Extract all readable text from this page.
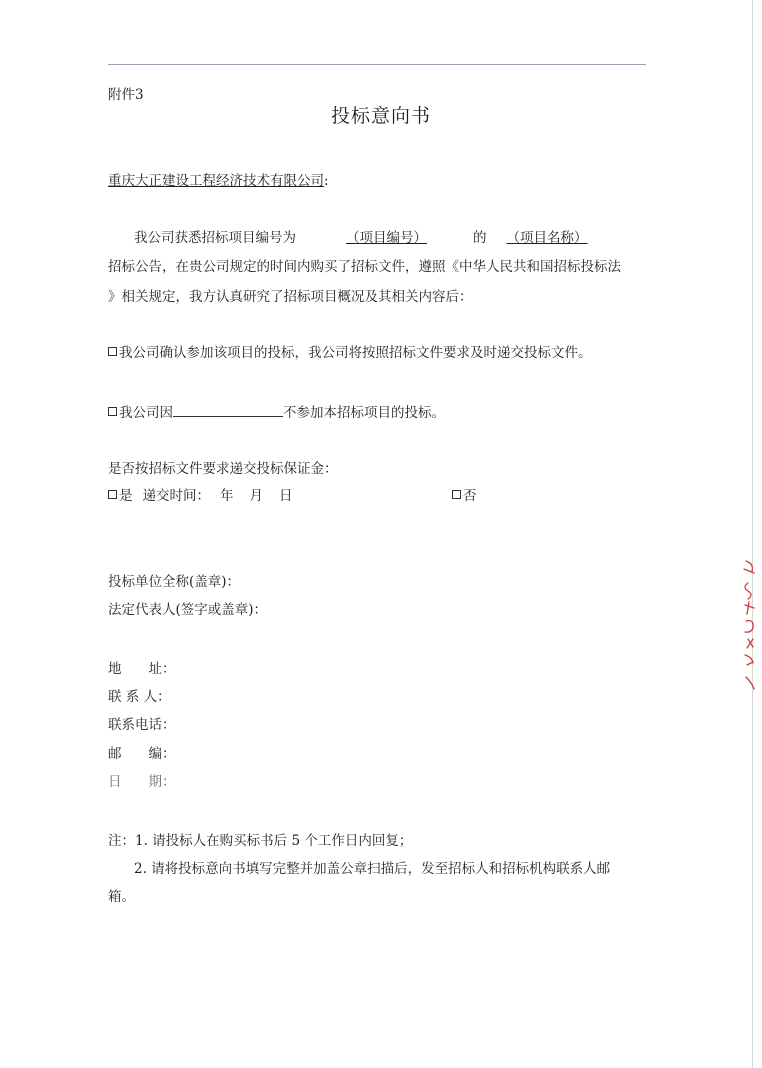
附件3
投标意向书
重庆大正建设工程经济技术有限公司:
我公司获悉招标项目编号为	（项目编号）	的 （项目名称）
招标公告，在贵公司规定的时间内购买了招标文件，遵照《中华人民共和国招标投标法
》相关规定，我方认真研究了招标项目概况及其相关内容后：
我公司确认参加该项目的投标，我公司将按照招标文件要求及时递交投标文件。
我公司因	不参加本招标项目的投标。
是否按招标文件要求递交投标保证金：
是 递交时间： 年 月 日	否
投标单位全称(盖章)：
法定代表人(签字或盖章)：
地　　址：
联 系 人：
联系电话：
邮　　编：
日　　期：
注：1. 请投标人在购买标书后 5 个工作日内回复；
2. 请将投标意向书填写完整并加盖公章扫描后，发至招标人和招标机构联系人邮
箱。
